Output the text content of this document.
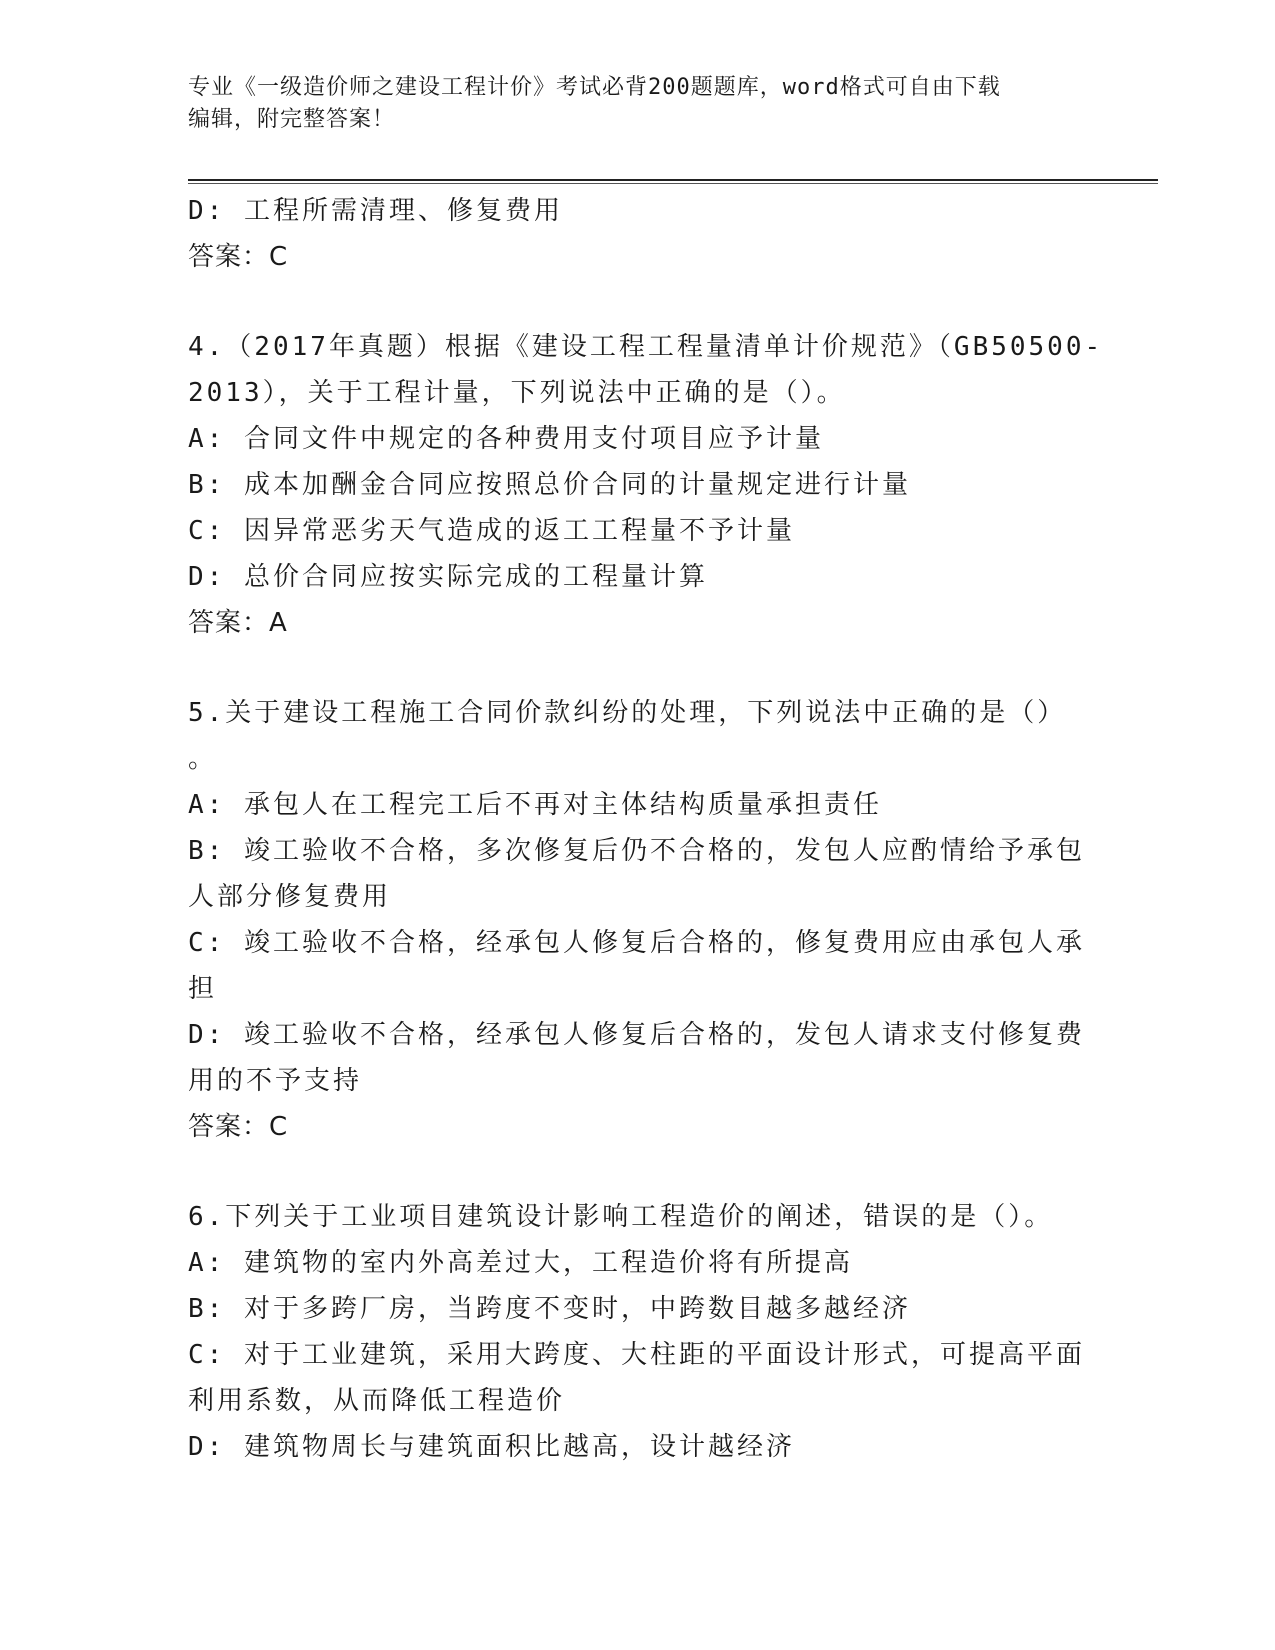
专业《一级造价师之建设工程计价》考试必背200题题库，word格式可自由下载
编辑，附完整答案！
D: 工程所需清理、修复费用
答案：C
4.（2017年真题）根据《建设工程工程量清单计价规范》（GB50500-
2013），关于工程计量，下列说法中正确的是（）。
A: 合同文件中规定的各种费用支付项目应予计量
B: 成本加酬金合同应按照总价合同的计量规定进行计量
C: 因异常恶劣天气造成的返工工程量不予计量
D: 总价合同应按实际完成的工程量计算
答案：A
5.关于建设工程施工合同价款纠纷的处理，下列说法中正确的是（）
。
A: 承包人在工程完工后不再对主体结构质量承担责任
B: 竣工验收不合格，多次修复后仍不合格的，发包人应酌情给予承包
人部分修复费用
C: 竣工验收不合格，经承包人修复后合格的，修复费用应由承包人承
担
D: 竣工验收不合格，经承包人修复后合格的，发包人请求支付修复费
用的不予支持
答案：C
6.下列关于工业项目建筑设计影响工程造价的阐述，错误的是（）。
A: 建筑物的室内外高差过大，工程造价将有所提高
B: 对于多跨厂房，当跨度不变时，中跨数目越多越经济
C: 对于工业建筑，采用大跨度、大柱距的平面设计形式，可提高平面
利用系数，从而降低工程造价
D: 建筑物周长与建筑面积比越高，设计越经济
